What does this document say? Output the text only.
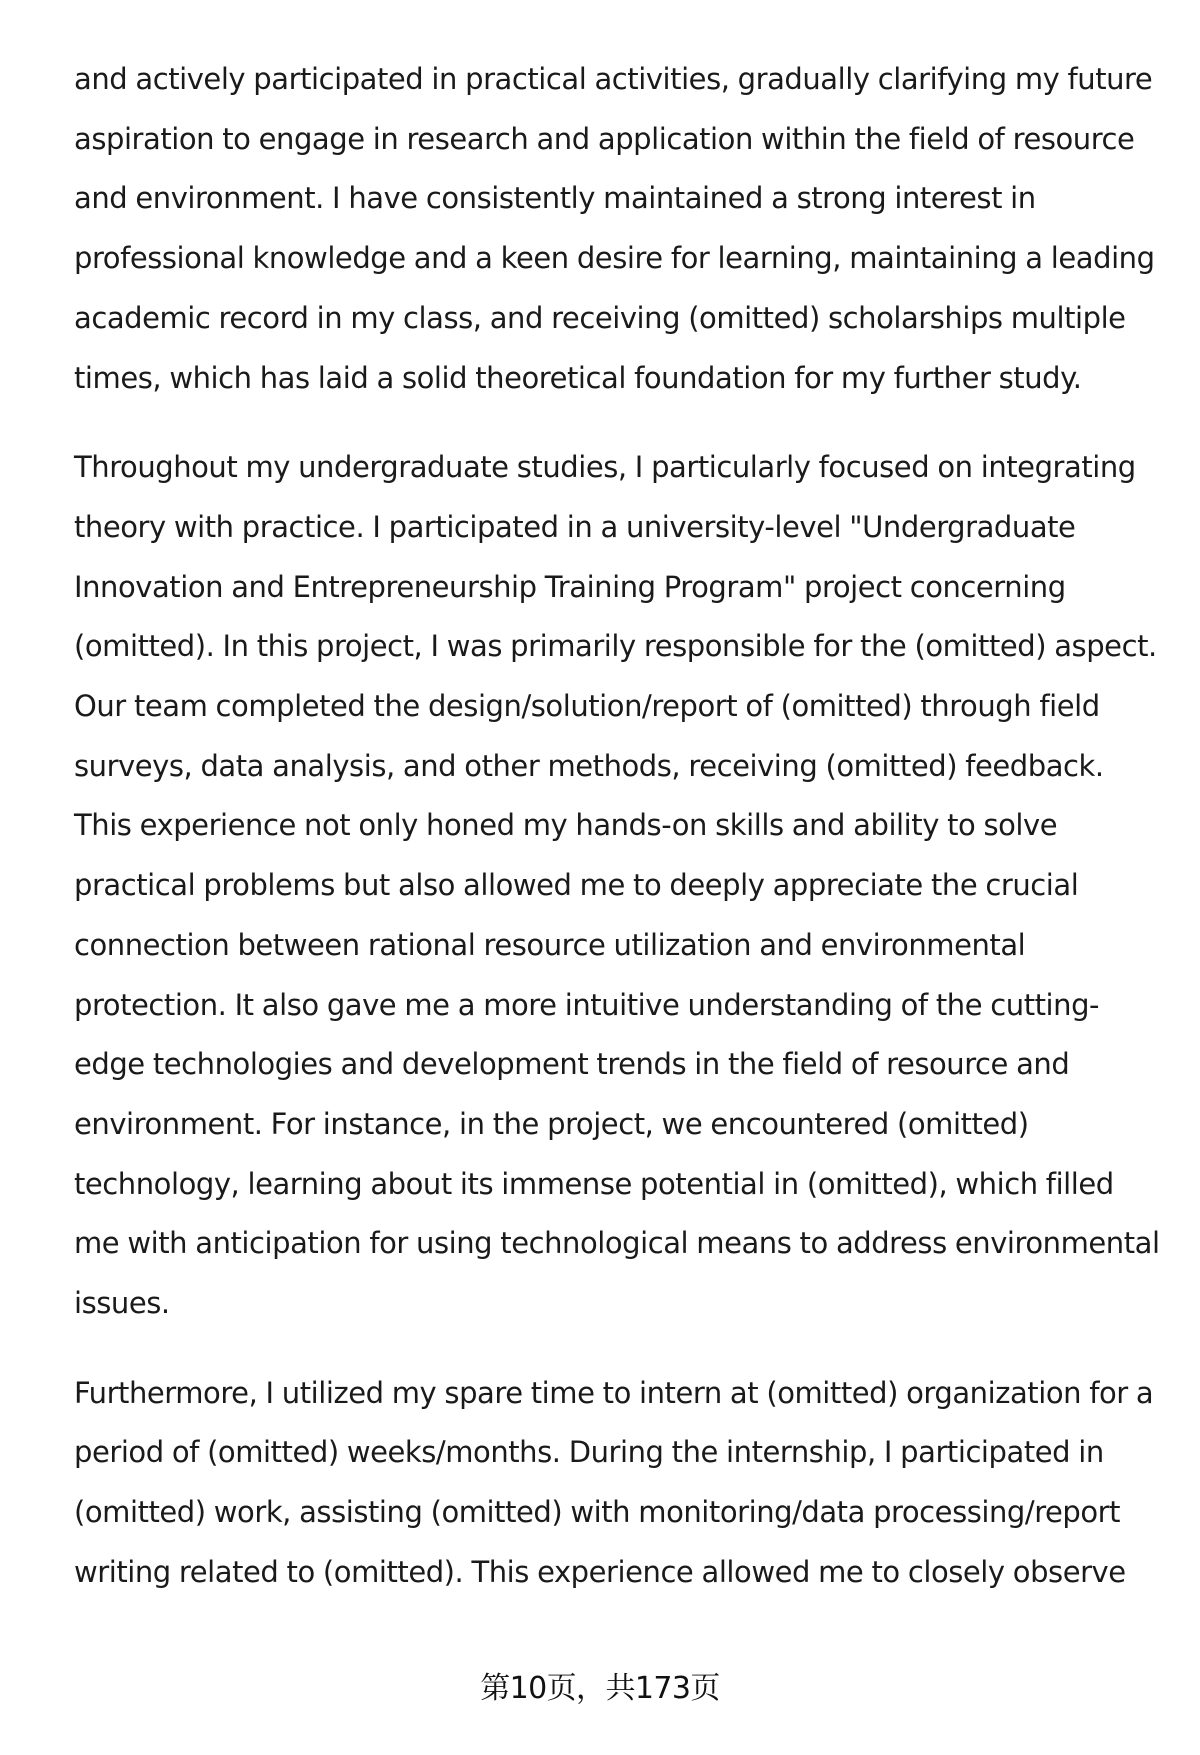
and actively participated in practical activities, gradually clarifying my future aspiration to engage in research and application within the field of resource and environment. I have consistently maintained a strong interest in professional knowledge and a keen desire for learning, maintaining a leading academic record in my class, and receiving (omitted) scholarships multiple times, which has laid a solid theoretical foundation for my further study.

Throughout my undergraduate studies, I particularly focused on integrating theory with practice. I participated in a university-level "Undergraduate Innovation and Entrepreneurship Training Program" project concerning (omitted). In this project, I was primarily responsible for the (omitted) aspect. Our team completed the design/solution/report of (omitted) through field surveys, data analysis, and other methods, receiving (omitted) feedback. This experience not only honed my hands-on skills and ability to solve practical problems but also allowed me to deeply appreciate the crucial connection between rational resource utilization and environmental protection. It also gave me a more intuitive understanding of the cutting-edge technologies and development trends in the field of resource and environment. For instance, in the project, we encountered (omitted) technology, learning about its immense potential in (omitted), which filled me with anticipation for using technological means to address environmental issues.

Furthermore, I utilized my spare time to intern at (omitted) organization for a period of (omitted) weeks/months. During the internship, I participated in (omitted) work, assisting (omitted) with monitoring/data processing/report writing related to (omitted). This experience allowed me to closely observe

第10页，共173页
